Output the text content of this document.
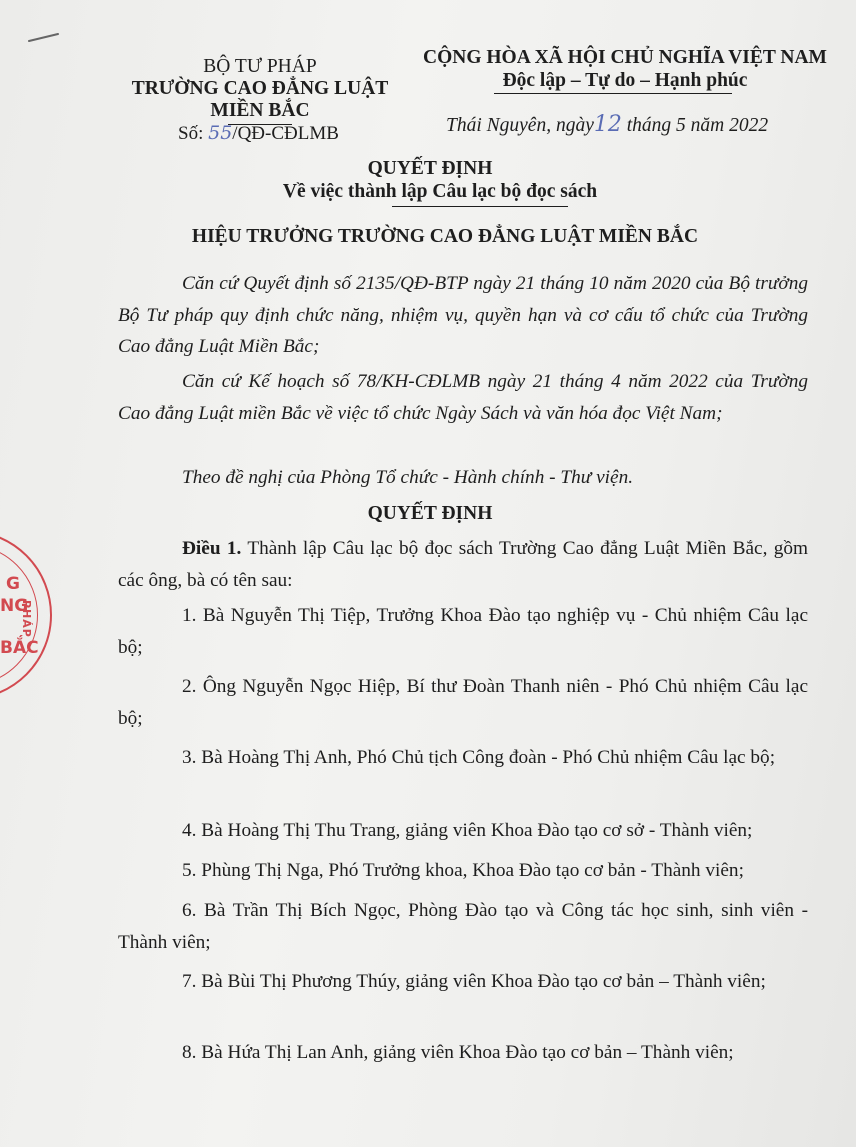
BỘ TƯ PHÁP
TRƯỜNG CAO ĐẲNG LUẬT
MIỀN BẮC
Số: 55/QĐ-CĐLMB
CỘNG HÒA XÃ HỘI CHỦ NGHĨA VIỆT NAM
Độc lập – Tự do – Hạnh phúc
Thái Nguyên, ngày12 tháng 5 năm 2022
QUYẾT ĐỊNH
Về việc thành lập Câu lạc bộ đọc sách
HIỆU TRƯỞNG TRƯỜNG CAO ĐẲNG LUẬT MIỀN BẮC
Căn cứ Quyết định số 2135/QĐ-BTP ngày 21 tháng 10 năm 2020 của Bộ trưởng Bộ Tư pháp quy định chức năng, nhiệm vụ, quyền hạn và cơ cấu tổ chức của Trường Cao đẳng Luật Miền Bắc;
Căn cứ Kế hoạch số 78/KH-CĐLMB ngày 21 tháng 4 năm 2022 của Trường Cao đẳng Luật miền Bắc về việc tổ chức Ngày Sách và văn hóa đọc Việt Nam;
Theo đề nghị của Phòng Tổ chức - Hành chính - Thư viện.
QUYẾT ĐỊNH
Điều 1. Thành lập Câu lạc bộ đọc sách Trường Cao đẳng Luật Miền Bắc, gồm các ông, bà có tên sau:
1. Bà Nguyễn Thị Tiệp, Trưởng Khoa Đào tạo nghiệp vụ - Chủ nhiệm Câu lạc bộ;
2. Ông Nguyễn Ngọc Hiệp, Bí thư Đoàn Thanh niên - Phó Chủ nhiệm Câu lạc bộ;
3. Bà Hoàng Thị Anh, Phó Chủ tịch Công đoàn - Phó Chủ nhiệm Câu lạc bộ;
4. Bà Hoàng Thị Thu Trang, giảng viên Khoa Đào tạo cơ sở - Thành viên;
5. Phùng Thị Nga, Phó Trưởng khoa, Khoa Đào tạo cơ bản - Thành viên;
6. Bà Trần Thị Bích Ngọc, Phòng Đào tạo và Công tác học sinh, sinh viên - Thành viên;
7. Bà Bùi Thị Phương Thúy, giảng viên Khoa Đào tạo cơ bản – Thành viên;
8. Bà Hứa Thị Lan Anh, giảng viên Khoa Đào tạo cơ bản – Thành viên;
G
NG
BẮC
PHÁP
